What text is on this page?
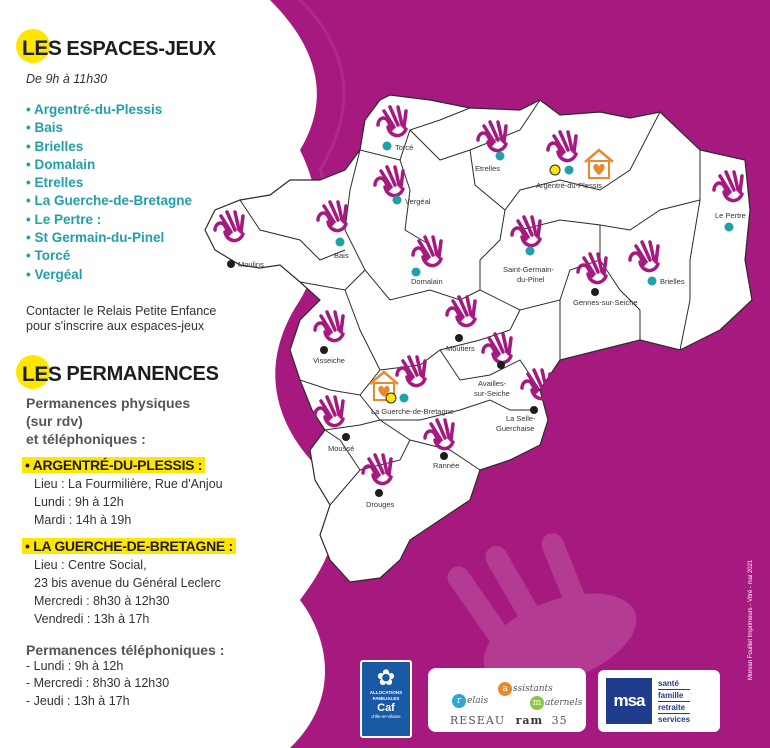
Torcé
Etrelles
Argentré-du-Plessis
Vergéal
Le Pertre
Moulins
Bais
Saint-Germain-
du-Pinel
Domalain	Brielles
Gennes-sur-Seiche
Moutiers
Visseiche
Availles-
sur-Seiche
La Guerche-de-Bretagne
La Selle-
Guerchaise
Moussé
Rannée
Drouges
LES ESPACES-JEUX
De 9h à 11h30
• Argentré-du-Plessis
• Bais
• Brielles
• Domalain
• Etrelles
• La Guerche-de-Bretagne
• Le Pertre :
• St Germain-du-Pinel
• Torcé
• Vergéal
Contacter le Relais Petite Enfance
pour s'inscrire aux espaces-jeux
LES PERMANENCES
Permanences physiques
(sur rdv)
et téléphoniques :
• ARGENTRÉ-DU-PLESSIS :
Lieu : La Fourmilière, Rue d'Anjou
Lundi : 9h à 12h
Mardi : 14h à 19h
• LA GUERCHE-DE-BRETAGNE :
Lieu : Centre Social,
23 bis avenue du Général Leclerc
Mercredi : 8h30 à 12h30
Vendredi : 13h à 17h
Permanences téléphoniques :
- Lundi : 9h à 12h
- Mercredi : 8h30 à 12h30
- Jeudi : 13h à 17h
Morvan Fouillet Imprimeurs - Vitré - mai 2021
✿
ALLOCATIONS
FAMILIALES
Caf
d'Ille-et-Vilaine
r
a
m
elais
ssistants
aternels
RESEAU ram 35
msa
santé
famille
retraite
services
